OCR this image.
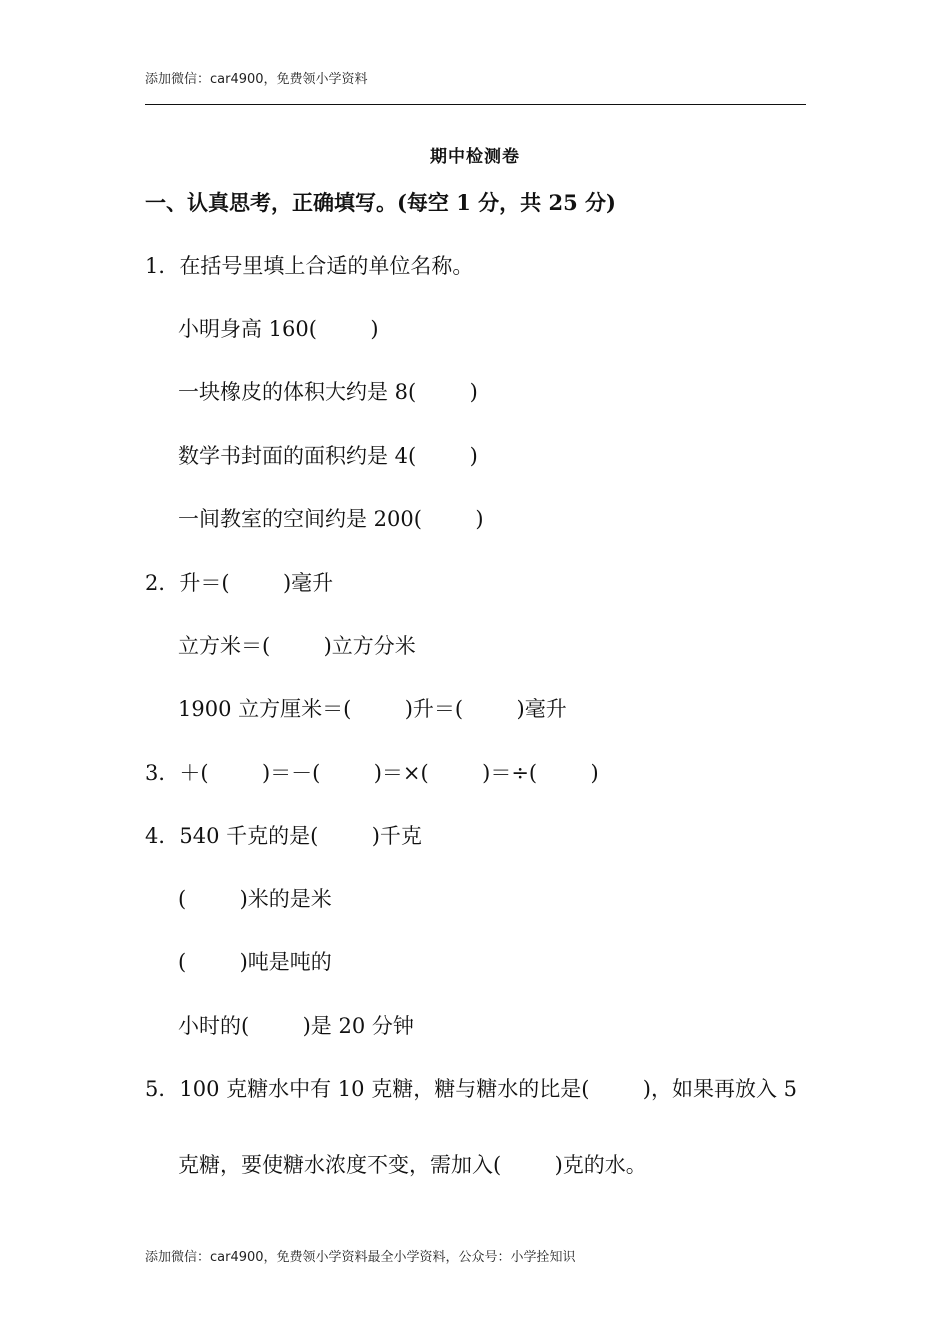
添加微信：car4900，免费领小学资料
期中检测卷
一、认真思考，正确填写。(每空 1 分，共 25 分)
1．在括号里填上合适的单位名称。
小明身高 160(        )
一块橡皮的体积大约是 8(        )
数学书封面的面积约是 4(        )
一间教室的空间约是 200(        )
2．升＝(        )毫升
立方米＝(        )立方分米
1900 立方厘米＝(        )升＝(        )毫升
3．＋(        )＝－(        )＝×(        )＝÷(        )
4．540 千克的是(        )千克
(        )米的是米
(        )吨是吨的
小时的(        )是 20 分钟
5．100 克糖水中有 10 克糖，糖与糖水的比是(        )，如果再放入 5
克糖，要使糖水浓度不变，需加入(        )克的水。
添加微信：car4900，免费领小学资料最全小学资料，公众号：小学拴知识
